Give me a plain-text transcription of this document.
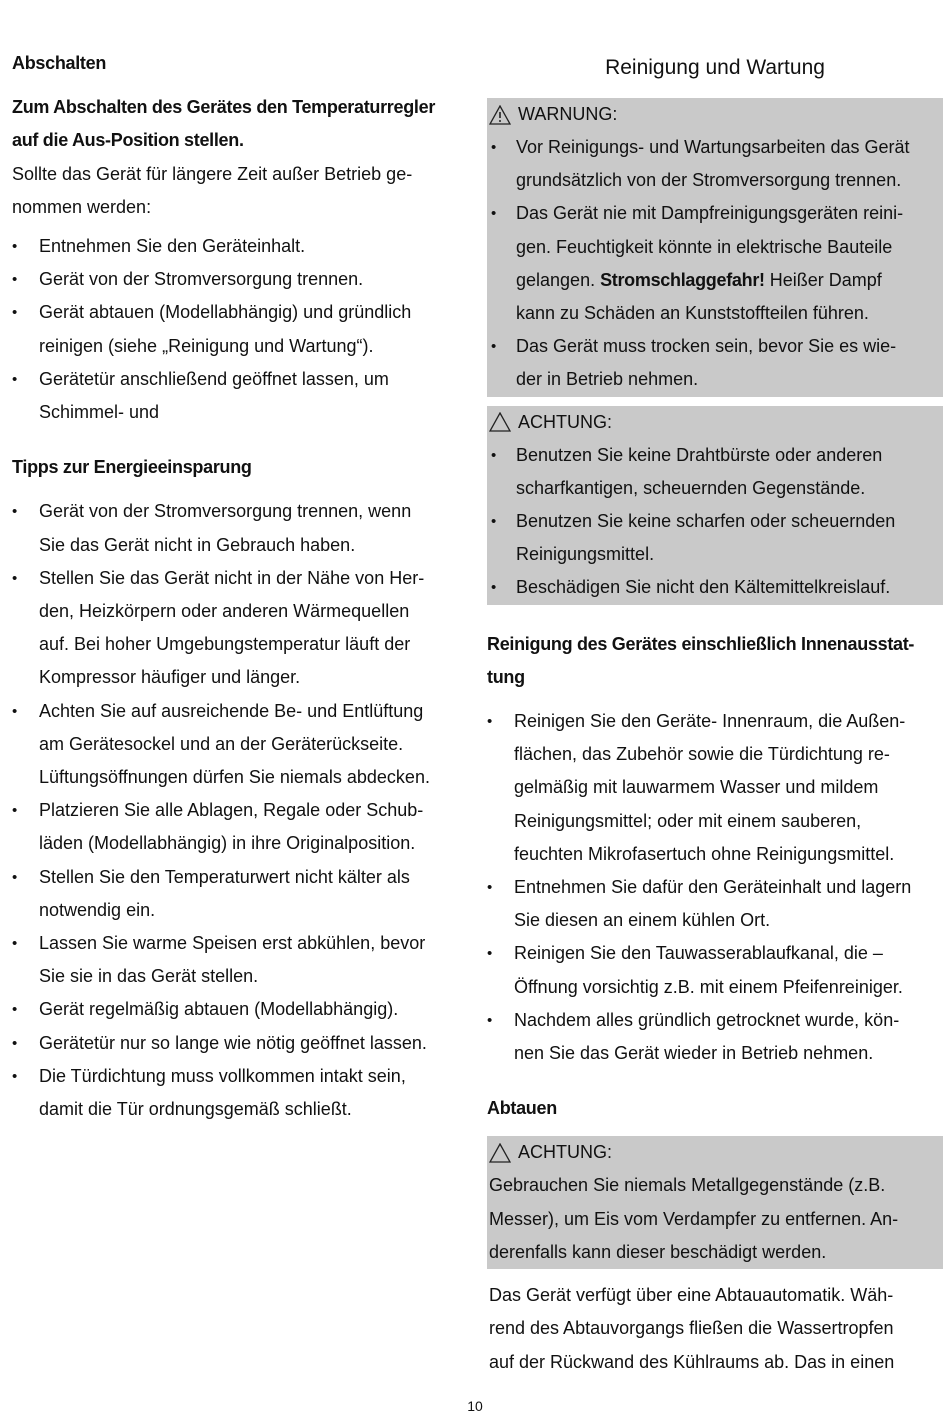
Abschalten
Zum Abschalten des Gerätes den Temperaturregler
auf die Aus-Position stellen.
Sollte das Gerät für längere Zeit außer Betrieb ge-
nommen werden:
• Entnehmen Sie den Geräteinhalt.
• Gerät von der Stromversorgung trennen.
• Gerät abtauen (Modellabhängig) und gründlich
reinigen (siehe „Reinigung und Wartung“).
• Gerätetür anschließend geöffnet lassen, um
Schimmel- und
Tipps zur Energieeinsparung
• Gerät von der Stromversorgung trennen, wenn
Sie das Gerät nicht in Gebrauch haben.
• Stellen Sie das Gerät nicht in der Nähe von Her-
den, Heizkörpern oder anderen Wärmequellen
auf. Bei hoher Umgebungstemperatur läuft der
Kompressor häufiger und länger.
• Achten Sie auf ausreichende Be- und Entlüftung
am Gerätesockel und an der Geräterückseite.
Lüftungsöffnungen dürfen Sie niemals abdecken.
• Platzieren Sie alle Ablagen, Regale oder Schub-
läden (Modellabhängig) in ihre Originalposition.
• Stellen Sie den Temperaturwert nicht kälter als
notwendig ein.
• Lassen Sie warme Speisen erst abkühlen, bevor
Sie sie in das Gerät stellen.
• Gerät regelmäßig abtauen (Modellabhängig).
• Gerätetür nur so lange wie nötig geöffnet lassen.
• Die Türdichtung muss vollkommen intakt sein,
damit die Tür ordnungsgemäß schließt.
Reinigung und Wartung
WARNUNG:
• Vor Reinigungs- und Wartungsarbeiten das Gerät
grundsätzlich von der Stromversorgung trennen.
• Das Gerät nie mit Dampfreinigungsgeräten reini-
gen. Feuchtigkeit könnte in elektrische Bauteile
gelangen. Stromschlaggefahr! Heißer Dampf
kann zu Schäden an Kunststoffteilen führen.
• Das Gerät muss trocken sein, bevor Sie es wie-
der in Betrieb nehmen.
ACHTUNG:
• Benutzen Sie keine Drahtbürste oder anderen
scharfkantigen, scheuernden Gegenstände.
• Benutzen Sie keine scharfen oder scheuernden
Reinigungsmittel.
• Beschädigen Sie nicht den Kältemittelkreislauf.
Reinigung des Gerätes einschließlich Innenausstat-
tung
• Reinigen Sie den Geräte- Innenraum, die Außen-
flächen, das Zubehör sowie die Türdichtung re-
gelmäßig mit lauwarmem Wasser und mildem
Reinigungsmittel; oder mit einem sauberen,
feuchten Mikrofasertuch ohne Reinigungsmittel.
• Entnehmen Sie dafür den Geräteinhalt und lagern
Sie diesen an einem kühlen Ort.
• Reinigen Sie den Tauwasserablaufkanal, die –
Öffnung vorsichtig z.B. mit einem Pfeifenreiniger.
• Nachdem alles gründlich getrocknet wurde, kön-
nen Sie das Gerät wieder in Betrieb nehmen.
Abtauen
ACHTUNG:
Gebrauchen Sie niemals Metallgegenstände (z.B.
Messer), um Eis vom Verdampfer zu entfernen. An-
derenfalls kann dieser beschädigt werden.
Das Gerät verfügt über eine Abtauautomatik. Wäh-
rend des Abtauvorgangs fließen die Wassertropfen
auf der Rückwand des Kühlraums ab. Das in einen
10
